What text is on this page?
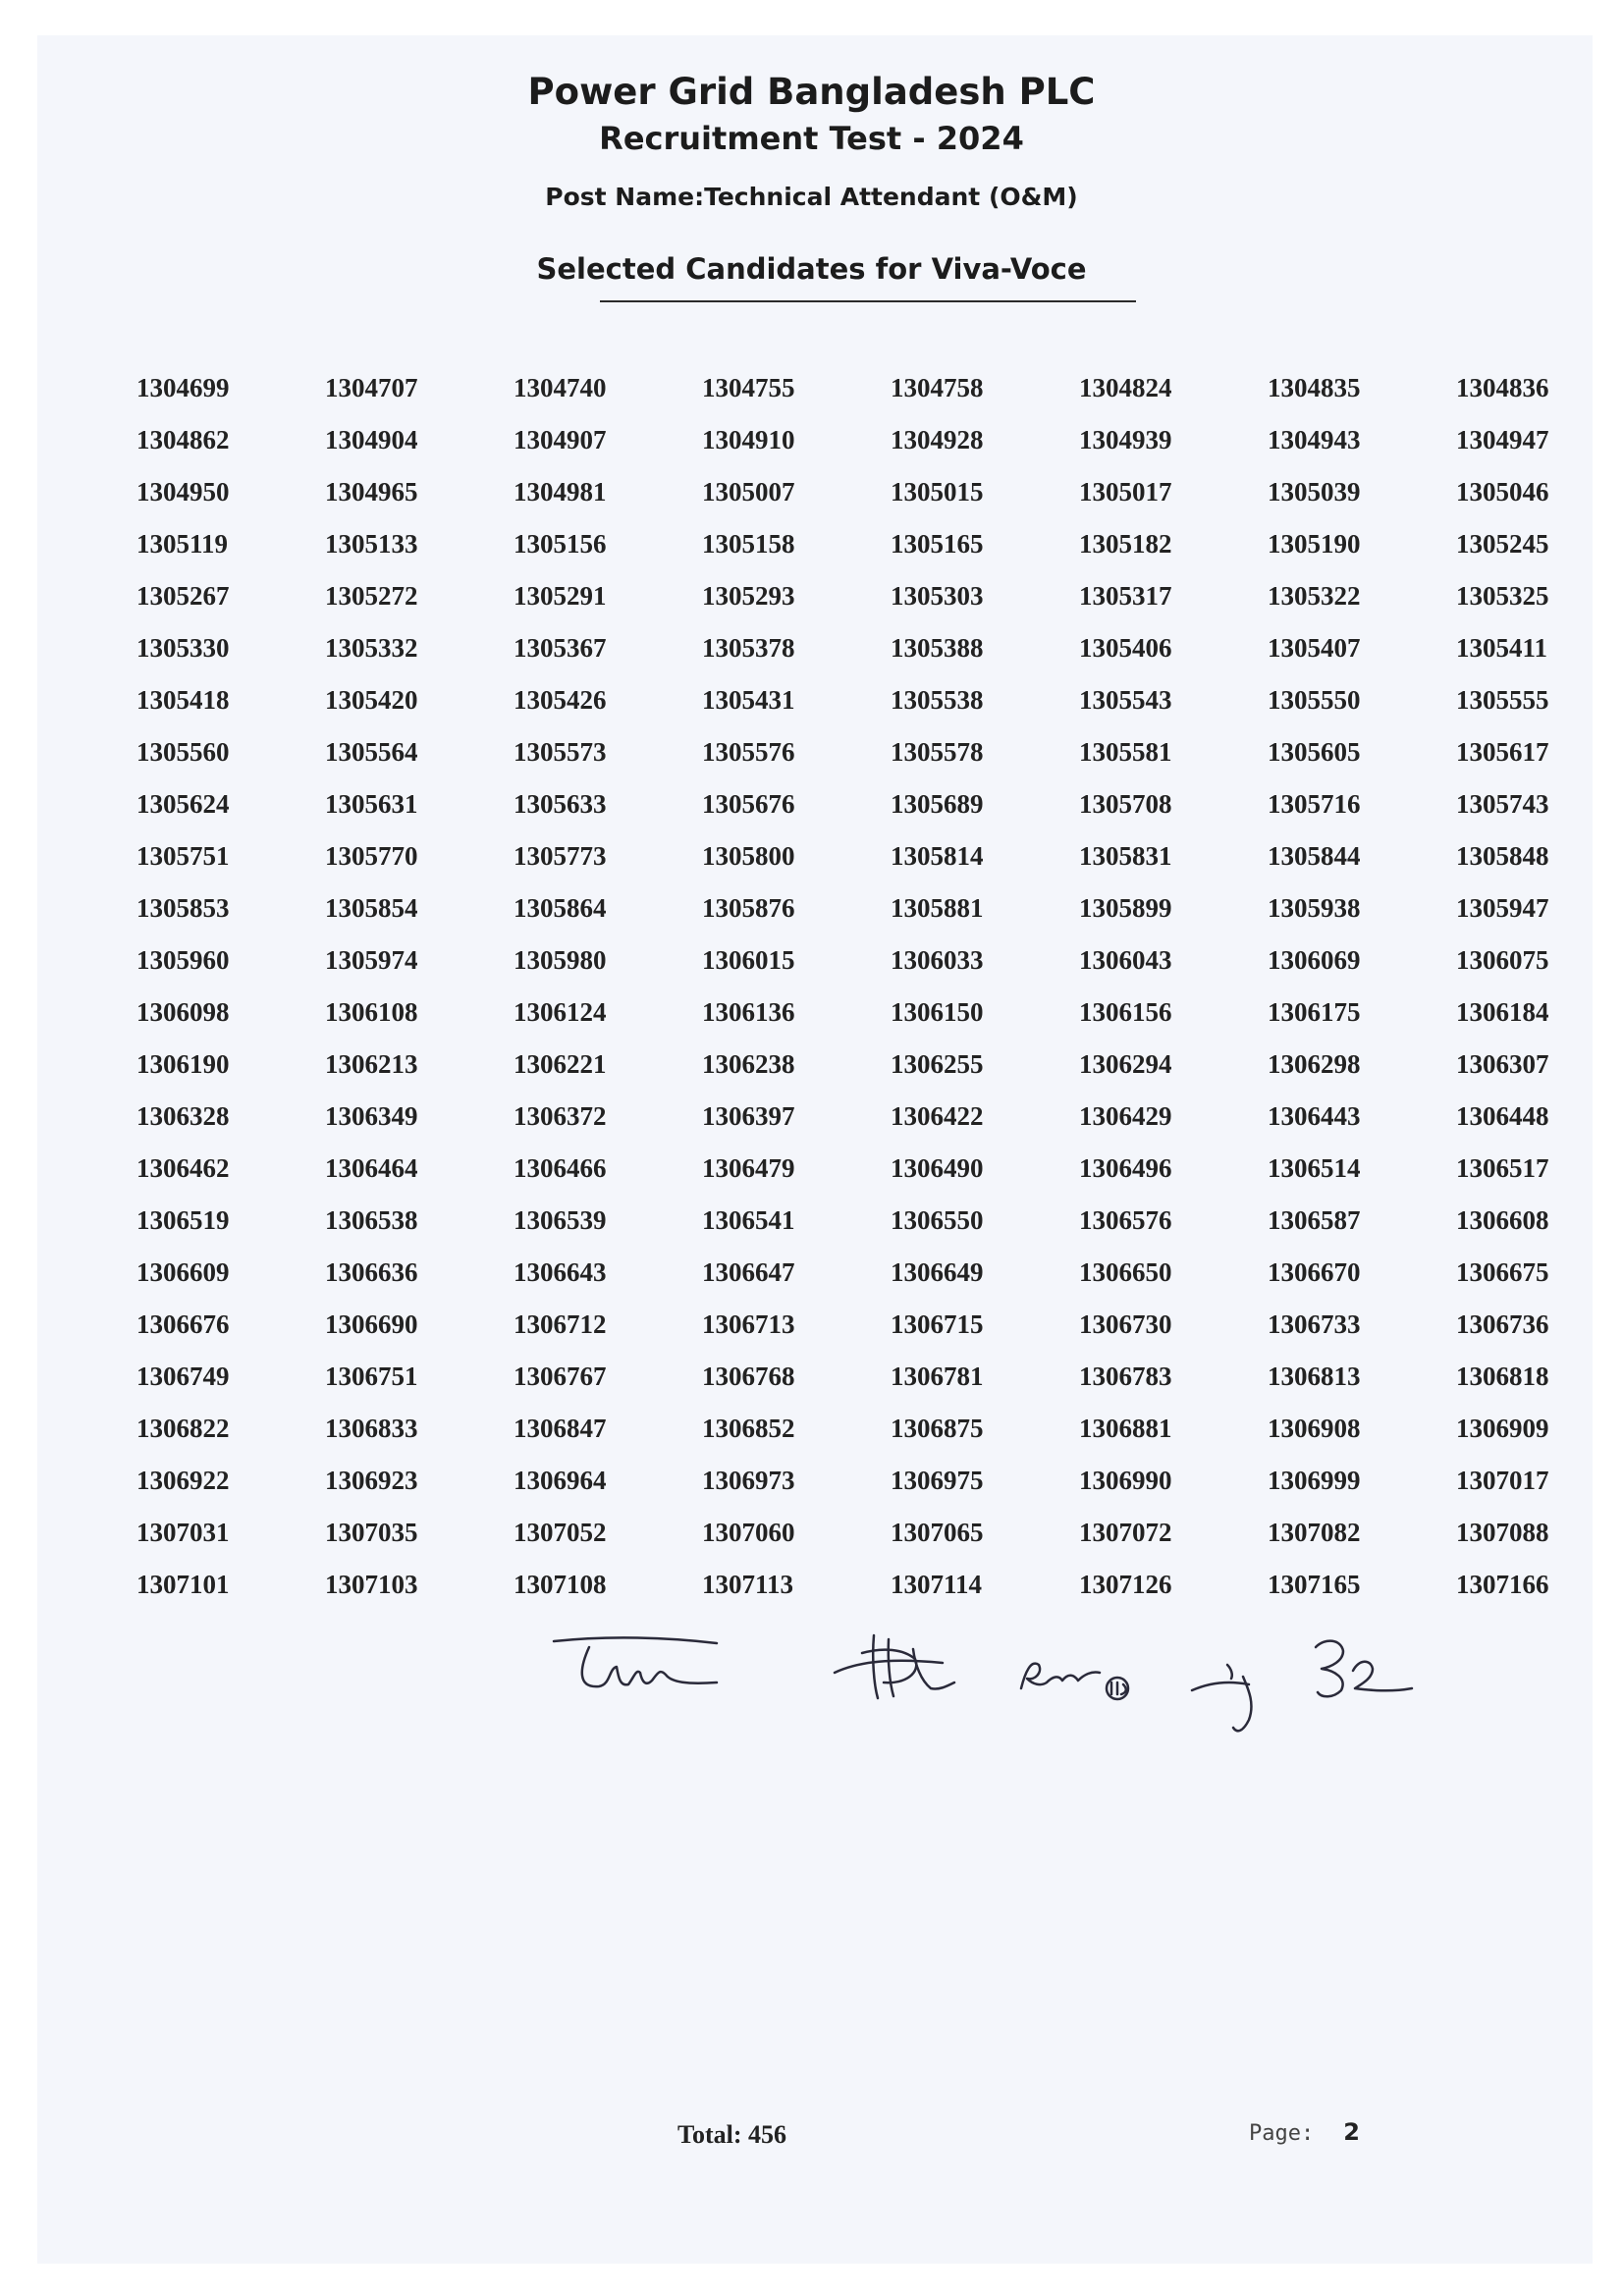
Power Grid Bangladesh PLC
Recruitment Test - 2024
Post Name:Technical Attendant (O&M)
Selected Candidates for Viva-Voce
1304699	1304707	1304740	1304755	1304758	1304824	1304835	1304836
1304862	1304904	1304907	1304910	1304928	1304939	1304943	1304947
1304950	1304965	1304981	1305007	1305015	1305017	1305039	1305046
1305119	1305133	1305156	1305158	1305165	1305182	1305190	1305245
1305267	1305272	1305291	1305293	1305303	1305317	1305322	1305325
1305330	1305332	1305367	1305378	1305388	1305406	1305407	1305411
1305418	1305420	1305426	1305431	1305538	1305543	1305550	1305555
1305560	1305564	1305573	1305576	1305578	1305581	1305605	1305617
1305624	1305631	1305633	1305676	1305689	1305708	1305716	1305743
1305751	1305770	1305773	1305800	1305814	1305831	1305844	1305848
1305853	1305854	1305864	1305876	1305881	1305899	1305938	1305947
1305960	1305974	1305980	1306015	1306033	1306043	1306069	1306075
1306098	1306108	1306124	1306136	1306150	1306156	1306175	1306184
1306190	1306213	1306221	1306238	1306255	1306294	1306298	1306307
1306328	1306349	1306372	1306397	1306422	1306429	1306443	1306448
1306462	1306464	1306466	1306479	1306490	1306496	1306514	1306517
1306519	1306538	1306539	1306541	1306550	1306576	1306587	1306608
1306609	1306636	1306643	1306647	1306649	1306650	1306670	1306675
1306676	1306690	1306712	1306713	1306715	1306730	1306733	1306736
1306749	1306751	1306767	1306768	1306781	1306783	1306813	1306818
1306822	1306833	1306847	1306852	1306875	1306881	1306908	1306909
1306922	1306923	1306964	1306973	1306975	1306990	1306999	1307017
1307031	1307035	1307052	1307060	1307065	1307072	1307082	1307088
1307101	1307103	1307108	1307113	1307114	1307126	1307165	1307166
Total: 456	Page: 2
